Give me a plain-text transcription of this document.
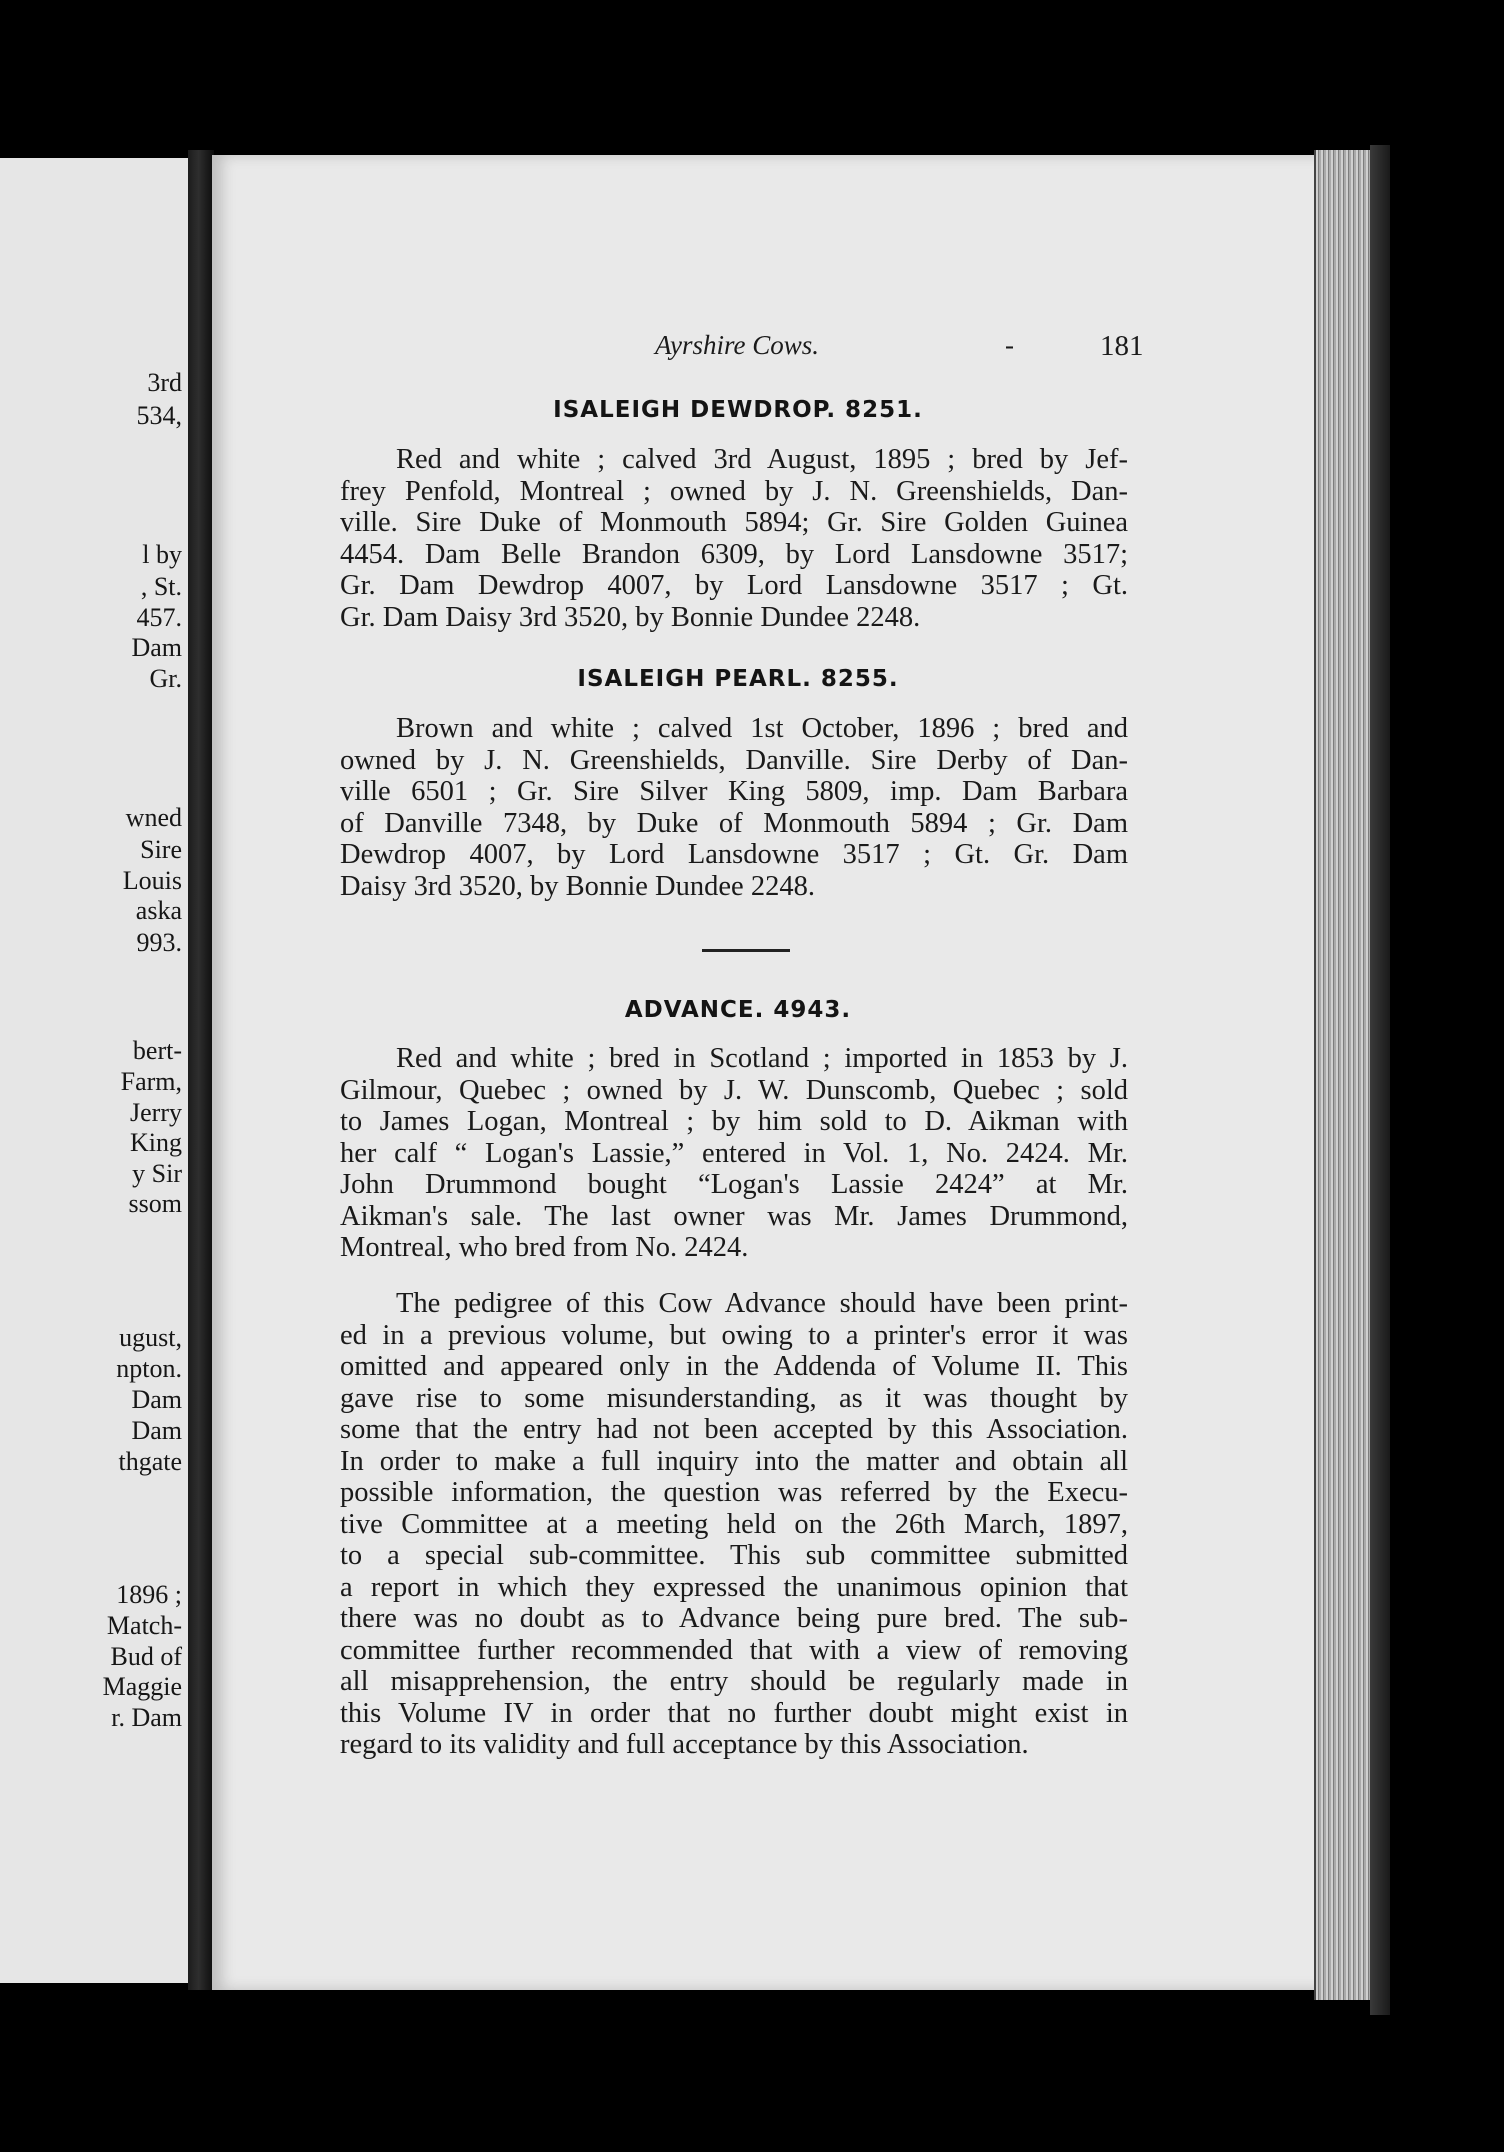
3rd
534,
l by
, St.
457.
Dam
Gr.
wned
Sire
Louis
aska
993.
bert-
Farm,
Jerry
King
y Sir
ssom
ugust,
npton.
Dam
Dam
thgate
1896 ;
Match-
Bud of
Maggie
r. Dam
Ayrshire Cows.	-	181
ISALEIGH DEWDROP. 8251.
Red and white ; calved 3rd August, 1895 ; bred by Jef-
frey Penfold, Montreal ; owned by J. N. Greenshields, Dan-
ville. Sire Duke of Monmouth 5894; Gr. Sire Golden Guinea
4454. Dam Belle Brandon 6309, by Lord Lansdowne 3517;
Gr. Dam Dewdrop 4007, by Lord Lansdowne 3517 ; Gt.
Gr. Dam Daisy 3rd 3520, by Bonnie Dundee 2248.
ISALEIGH PEARL. 8255.
Brown and white ; calved 1st October, 1896 ; bred and
owned by J. N. Greenshields, Danville. Sire Derby of Dan-
ville 6501 ; Gr. Sire Silver King 5809, imp. Dam Barbara
of Danville 7348, by Duke of Monmouth 5894 ; Gr. Dam
Dewdrop 4007, by Lord Lansdowne 3517 ; Gt. Gr. Dam
Daisy 3rd 3520, by Bonnie Dundee 2248.
ADVANCE. 4943.
Red and white ; bred in Scotland ; imported in 1853 by J.
Gilmour, Quebec ; owned by J. W. Dunscomb, Quebec ; sold
to James Logan, Montreal ; by him sold to D. Aikman with
her calf “ Logan's Lassie,” entered in Vol. 1, No. 2424. Mr.
John Drummond bought “Logan's Lassie 2424” at Mr.
Aikman's sale. The last owner was Mr. James Drummond,
Montreal, who bred from No. 2424.
The pedigree of this Cow Advance should have been print-
ed in a previous volume, but owing to a printer's error it was
omitted and appeared only in the Addenda of Volume II. This
gave rise to some misunderstanding, as it was thought by
some that the entry had not been accepted by this Association.
In order to make a full inquiry into the matter and obtain all
possible information, the question was referred by the Execu-
tive Committee at a meeting held on the 26th March, 1897,
to a special sub-committee. This sub committee submitted
a report in which they expressed the unanimous opinion that
there was no doubt as to Advance being pure bred. The sub-
committee further recommended that with a view of removing
all misapprehension, the entry should be regularly made in
this Volume IV in order that no further doubt might exist in
regard to its validity and full acceptance by this Association.
